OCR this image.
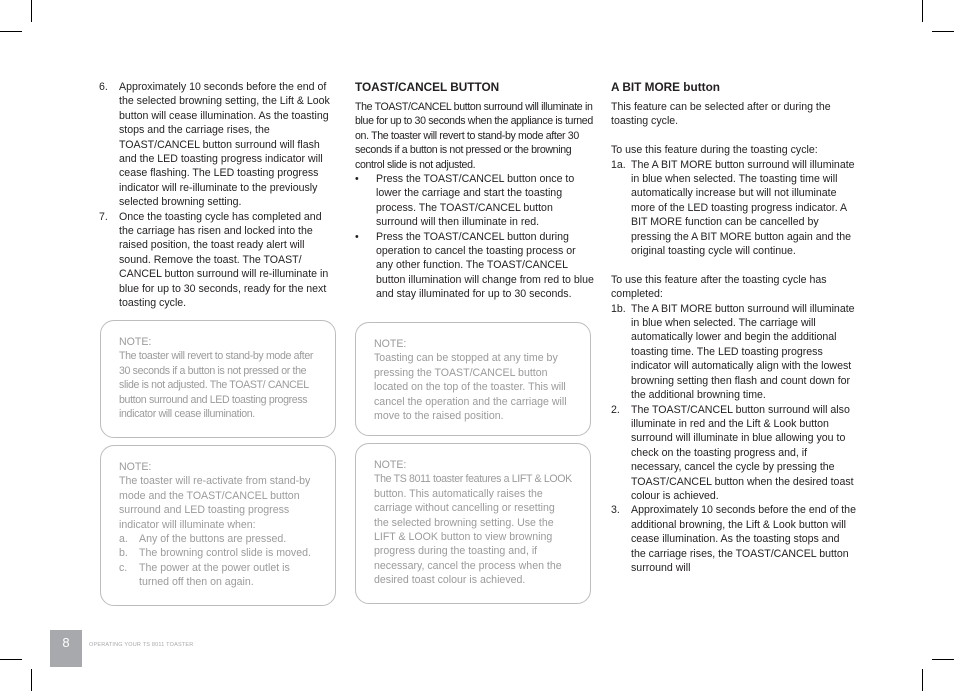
6. Approximately 10 seconds before the end of the selected browning setting, the Lift & Look button will cease illumination. As the toasting stops and the carriage rises, the TOAST/CANCEL button surround will flash and the LED toasting progress indicator will cease flashing. The LED toasting progress indicator will re-illuminate to the previously selected browning setting.

7. Once the toasting cycle has completed and the carriage has risen and locked into the raised position, the toast ready alert will sound. Remove the toast. The TOAST/ CANCEL button surround will re-illuminate in blue for up to 30 seconds, ready for the next toasting cycle.

NOTE:

The toaster will revert to stand-by mode after 30 seconds if a button is not pressed or the slide is not adjusted. The TOAST/ CANCEL button surround and LED toasting progress indicator will cease illumination.

NOTE:

The toaster will re-activate from stand-by mode and the TOAST/CANCEL button surround and LED toasting progress indicator will illuminate when:

a. Any of the buttons are pressed.
b. The browning control slide is moved.
c. The power at the power outlet is turned off then on again.

TOAST/CANCEL BUTTON

The TOAST/CANCEL button surround will illuminate in blue for up to 30 seconds when the appliance is turned on. The toaster will revert to stand-by mode after 30 seconds if a button is not pressed or the browning control slide is not adjusted.

• Press the TOAST/CANCEL button once to lower the carriage and start the toasting process. The TOAST/CANCEL button surround will then illuminate in red.

• Press the TOAST/CANCEL button during operation to cancel the toasting process or any other function. The TOAST/CANCEL button illumination will change from red to blue and stay illuminated for up to 30 seconds.

NOTE:

Toasting can be stopped at any time by pressing the TOAST/CANCEL button located on the top of the toaster. This will cancel the operation and the carriage will move to the raised position.

NOTE:

The TS 8011 toaster features a LIFT & LOOK

button. This automatically raises the carriage without cancelling or resetting the selected browning setting. Use the LIFT & LOOK button to view browning progress during the toasting and, if necessary, cancel the process when the desired toast colour is achieved.

A BIT MORE button

This feature can be selected after or during the toasting cycle.

To use this feature during the toasting cycle:

1a. The A BIT MORE button surround will illuminate in blue when selected. The toasting time will automatically increase but will not illuminate more of the LED toasting progress indicator. A BIT MORE function can be cancelled by pressing the A BIT MORE button again and the original toasting cycle will continue.

To use this feature after the toasting cycle has completed:

1b. The A BIT MORE button surround will illuminate in blue when selected. The carriage will automatically lower and begin the additional toasting time. The LED toasting progress indicator will automatically align with the lowest browning setting then flash and count down for the additional browning time.

2. The TOAST/CANCEL button surround will also illuminate in red and the Lift & Look button surround will illuminate in blue allowing you to check on the toasting progress and, if necessary, cancel the cycle by pressing the TOAST/CANCEL button when the desired toast colour is achieved.

3. Approximately 10 seconds before the end of the additional browning, the Lift & Look button will cease illumination. As the toasting stops and the carriage rises, the TOAST/CANCEL button surround will

8	OPERATING YOUR TS 8011 TOASTER
